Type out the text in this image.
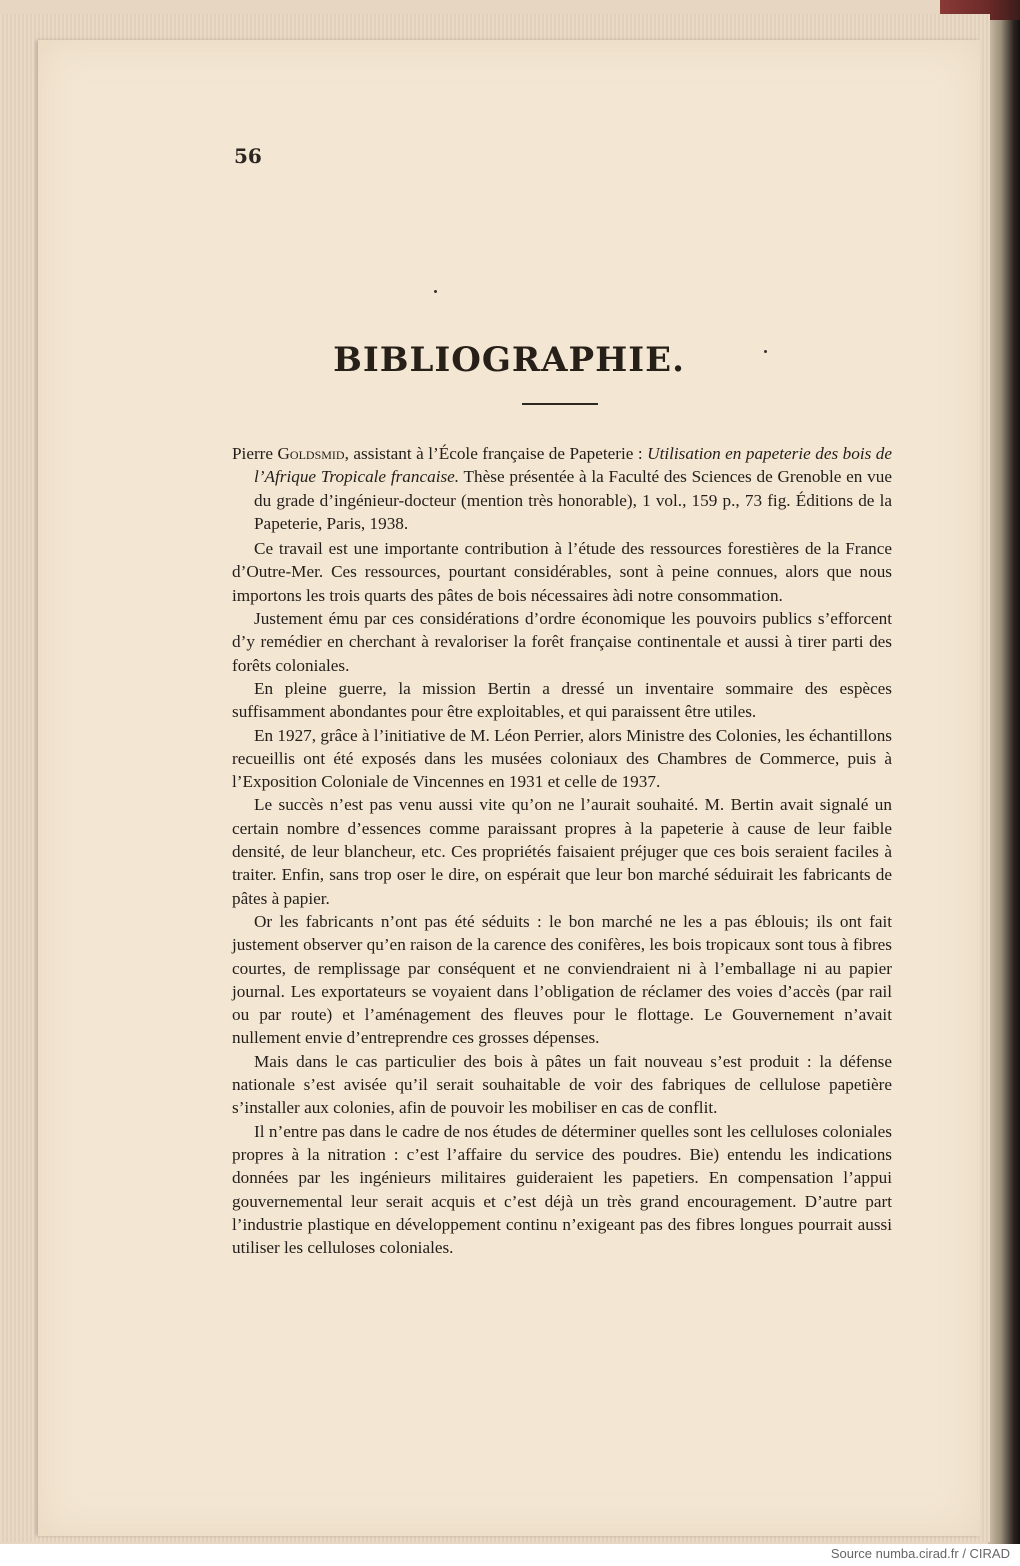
56
BIBLIOGRAPHIE.

Pierre Goldsmid, assistant à l’École française de Papeterie : Utilisation en papeterie des bois de l’Afrique Tropicale francaise. Thèse présentée à la Faculté des Sciences de Grenoble en vue du grade d’ingénieur-docteur (mention très honorable), 1 vol., 159 p., 73 fig. Éditions de la Papeterie, Paris, 1938.

Ce travail est une importante contribution à l’étude des ressources forestières de la France d’Outre-Mer. Ces ressources, pourtant considérables, sont à peine connues, alors que nous importons les trois quarts des pâtes de bois nécessaires àdi notre consommation.

Justement ému par ces considérations d’ordre économique les pouvoirs publics s’efforcent d’y remédier en cherchant à revaloriser la forêt française continentale et aussi à tirer parti des forêts coloniales.

En pleine guerre, la mission Bertin a dressé un inventaire sommaire des espèces suffisamment abondantes pour être exploitables, et qui paraissent être utiles.

En 1927, grâce à l’initiative de M. Léon Perrier, alors Ministre des Colonies, les échantillons recueillis ont été exposés dans les musées coloniaux des Chambres de Commerce, puis à l’Exposition Coloniale de Vincennes en 1931 et celle de 1937.

Le succès n’est pas venu aussi vite qu’on ne l’aurait souhaité. M. Bertin avait signalé un certain nombre d’essences comme paraissant propres à la papeterie à cause de leur faible densité, de leur blancheur, etc. Ces propriétés faisaient préjuger que ces bois seraient faciles à traiter. Enfin, sans trop oser le dire, on espérait que leur bon marché séduirait les fabricants de pâtes à papier.

Or les fabricants n’ont pas été séduits : le bon marché ne les a pas éblouis; ils ont fait justement observer qu’en raison de la carence des conifères, les bois tropicaux sont tous à fibres courtes, de remplissage par conséquent et ne conviendraient ni à l’emballage ni au papier journal. Les exportateurs se voyaient dans l’obligation de réclamer des voies d’accès (par rail ou par route) et l’aménagement des fleuves pour le flottage. Le Gouvernement n’avait nullement envie d’entreprendre ces grosses dépenses.

Mais dans le cas particulier des bois à pâtes un fait nouveau s’est produit : la défense nationale s’est avisée qu’il serait souhaitable de voir des fabriques de cellulose papetière s’installer aux colonies, afin de pouvoir les mobiliser en cas de conflit.

Il n’entre pas dans le cadre de nos études de déterminer quelles sont les celluloses coloniales propres à la nitration : c’est l’affaire du service des poudres. Bie) entendu les indications données par les ingénieurs militaires guideraient les papetiers. En compensation l’appui gouvernemental leur serait acquis et c’est déjà un très grand encouragement. D’autre part l’industrie plastique en développement continu n’exigeant pas des fibres longues pourrait aussi utiliser les celluloses coloniales.

Source numba.cirad.fr / CIRAD
